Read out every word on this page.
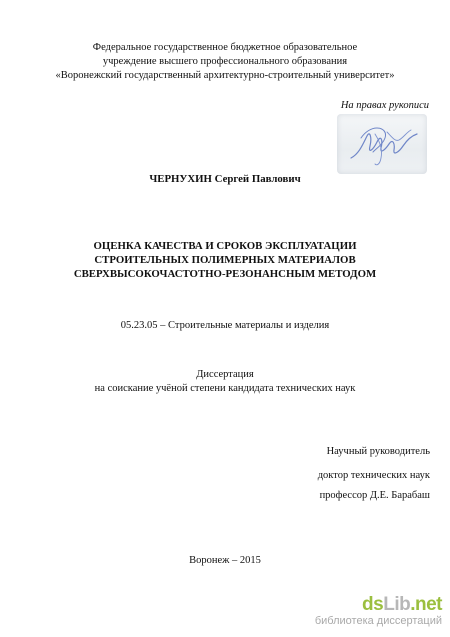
Федеральное государственное бюджетное образовательное
учреждение высшего профессионального образования
«Воронежский государственный архитектурно-строительный университет»
На правах рукописи
ЧЕРНУХИН Сергей Павлович
ОЦЕНКА КАЧЕСТВА И СРОКОВ ЭКСПЛУАТАЦИИ
СТРОИТЕЛЬНЫХ ПОЛИМЕРНЫХ МАТЕРИАЛОВ
СВЕРХВЫСОКОЧАСТОТНО-РЕЗОНАНСНЫМ МЕТОДОМ
05.23.05 – Строительные материалы и изделия
Диссертация
на соискание учёной степени кандидата технических наук
Научный руководитель
доктор технических наук
профессор Д.Е. Барабаш
Воронеж – 2015
dsLib.net
библиотека диссертаций
